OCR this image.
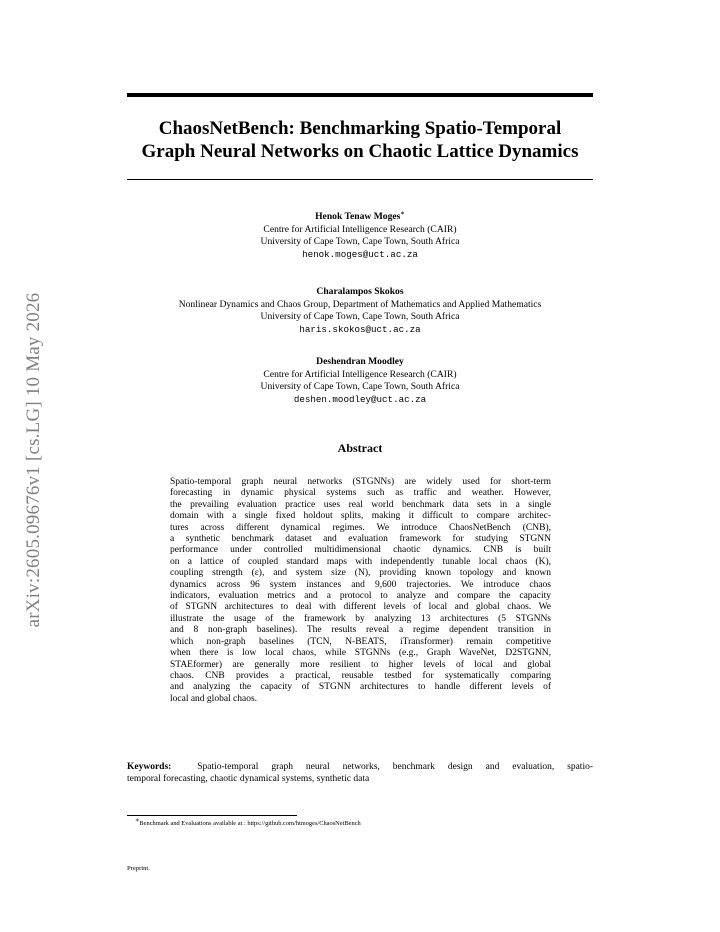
arXiv:2605.09676v1 [cs.LG] 10 May 2026
ChaosNetBench: Benchmarking Spatio-Temporal
Graph Neural Networks on Chaotic Lattice Dynamics
Henok Tenaw Moges∗
Centre for Artificial Intelligence Research (CAIR)
University of Cape Town, Cape Town, South Africa
henok.moges@uct.ac.za
Charalampos Skokos
Nonlinear Dynamics and Chaos Group, Department of Mathematics and Applied Mathematics
University of Cape Town, Cape Town, South Africa
haris.skokos@uct.ac.za
Deshendran Moodley
Centre for Artificial Intelligence Research (CAIR)
University of Cape Town, Cape Town, South Africa
deshen.moodley@uct.ac.za
Abstract
Spatio-temporal graph neural networks (STGNNs) are widely used for short-term
forecasting in dynamic physical systems such as traffic and weather. However,
the prevailing evaluation practice uses real world benchmark data sets in a single
domain with a single fixed holdout splits, making it difficult to compare architec-
tures across different dynamical regimes. We introduce ChaosNetBench (CNB),
a synthetic benchmark dataset and evaluation framework for studying STGNN
performance under controlled multidimensional chaotic dynamics. CNB is built
on a lattice of coupled standard maps with independently tunable local chaos (K),
coupling strength (ε), and system size (N), providing known topology and known
dynamics across 96 system instances and 9,600 trajectories. We introduce chaos
indicators, evaluation metrics and a protocol to analyze and compare the capacity
of STGNN architectures to deal with different levels of local and global chaos. We
illustrate the usage of the framework by analyzing 13 architectures (5 STGNNs
and 8 non-graph baselines). The results reveal a regime dependent transition in
which non-graph baselines (TCN, N-BEATS, iTransformer) remain competitive
when there is low local chaos, while STGNNs (e.g., Graph WaveNet, D2STGNN,
STAEformer) are generally more resilient to higher levels of local and global
chaos. CNB provides a practical, reusable testbed for systematically comparing
and analyzing the capacity of STGNN architectures to handle different levels of
local and global chaos.
Keywords:	Spatio-temporal graph neural networks, benchmark design and evaluation, spatio-
temporal forecasting, chaotic dynamical systems, synthetic data
∗Benchmark and Evaluations available at : https://github.com/htmoges/ChaosNetBench
Preprint.
